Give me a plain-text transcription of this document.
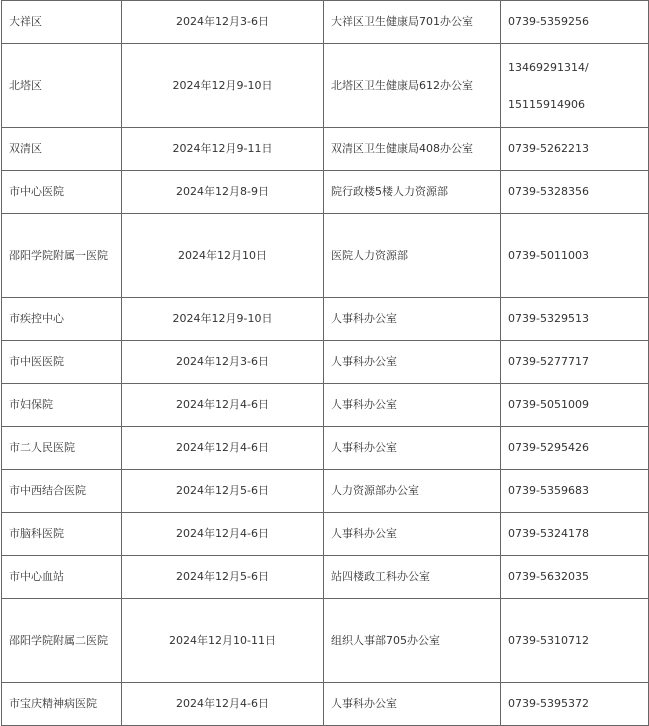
大祥区	2024年12月3-6日	大祥区卫生健康局701办公室	0739-5359256
北塔区	2024年12月9-10日	北塔区卫生健康局612办公室	13469291314/
15115914906

双清区	2024年12月9-11日	双清区卫生健康局408办公室	0739-5262213
市中心医院	2024年12月8-9日	院行政楼5楼人力资源部	0739-5328356
邵阳学院附属一医院	2024年12月10日	医院人力资源部	0739-5011003
市疾控中心	2024年12月9-10日	人事科办公室	0739-5329513
市中医医院	2024年12月3-6日	人事科办公室	0739-5277717
市妇保院	2024年12月4-6日	人事科办公室	0739-5051009
市二人民医院	2024年12月4-6日	人事科办公室	0739-5295426
市中西结合医院	2024年12月5-6日	人力资源部办公室	0739-5359683
市脑科医院	2024年12月4-6日	人事科办公室	0739-5324178
市中心血站	2024年12月5-6日	站四楼政工科办公室	0739-5632035
邵阳学院附属二医院	2024年12月10-11日	组织人事部705办公室	0739-5310712
市宝庆精神病医院	2024年12月4-6日	人事科办公室	0739-5395372
